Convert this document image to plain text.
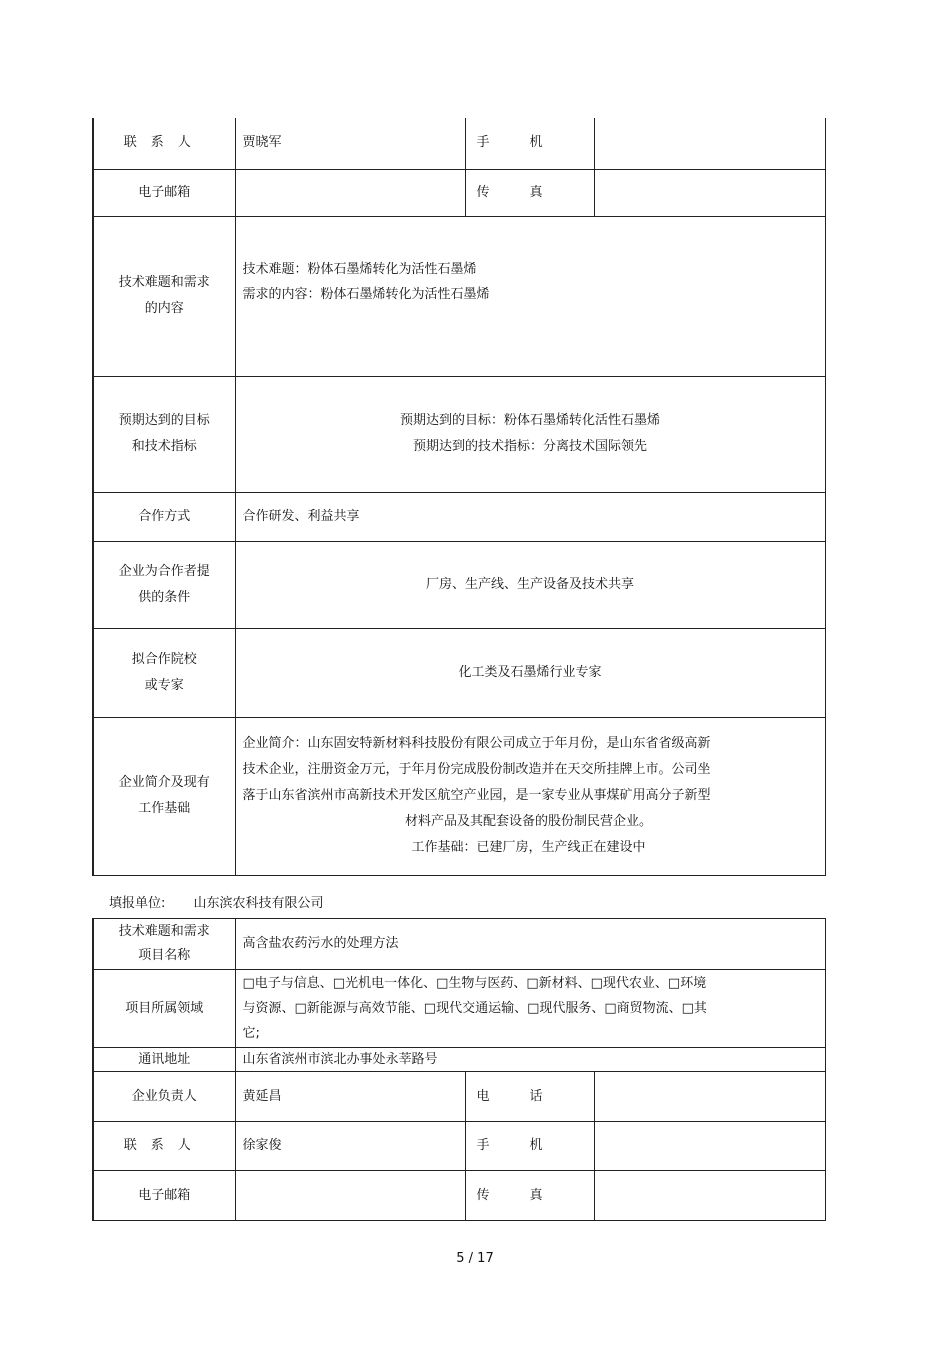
联系人	贾晓军	手机	
电子邮箱		传真	

技术难题和需求
的内容	技术难题：粉体石墨烯转化为活性石墨烯
需求的内容：粉体石墨烯转化为活性石墨烯		

预期达到的目标
和技术指标	预期达到的目标：粉体石墨烯转化活性石墨烯
预期达到的技术指标：分离技术国际领先		

合作方式	合作研发、利益共享		

企业为合作者提
供的条件	厂房、生产线、生产设备及技术共享		

拟合作院校
或专家	化工类及石墨烯行业专家		

企业简介及现有
工作基础	企业简介：山东固安特新材料科技股份有限公司成立于年月份，是山东省省级高新
技术企业，注册资金万元，于年月份完成股份制改造并在天交所挂牌上市。公司坐
落于山东省滨州市高新技术开发区航空产业园，是一家专业从事煤矿用高分子新型
材料产品及其配套设备的股份制民营企业。
工作基础：已建厂房，生产线正在建设中		
填报单位: 山东滨农科技有限公司
技术难题和需求
项目名称	高含盐农药污水的处理方法		
项目所属领域	□电子与信息、□光机电一体化、□生物与医药、□新材料、□现代农业、□环境
与资源、□新能源与高效节能、□现代交通运输、□现代服务、□商贸物流、□其
它;		

通讯地址	山东省滨州市滨北办事处永莘路号		
企业负责人	黄延昌	电话	
联系人	徐家俊	手机	
电子邮箱		传真	
5 / 17
